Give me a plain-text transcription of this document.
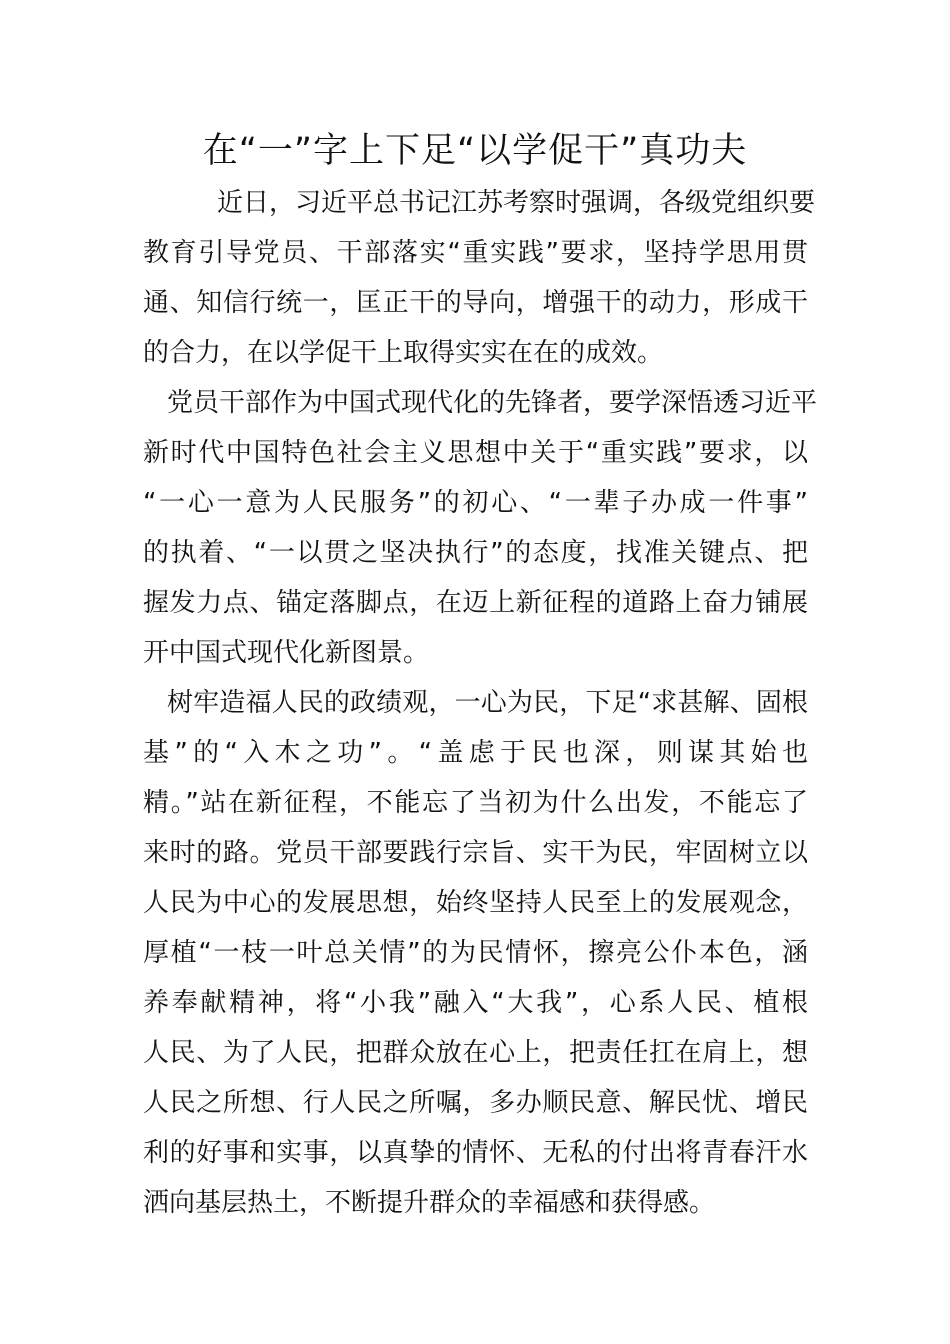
在“一”字上下足“以学促干”真功夫
近日，习近平总书记江苏考察时强调，各级党组织要
教育引导党员、干部落实“重实践”要求，坚持学思用贯
通、知信行统一，匡正干的导向，增强干的动力，形成干
的合力，在以学促干上取得实实在在的成效。
党员干部作为中国式现代化的先锋者，要学深悟透习近平
新时代中国特色社会主义思想中关于“重实践”要求，以
“一心一意为人民服务”的初心、“一辈子办成一件事”
的执着、“一以贯之坚决执行”的态度，找准关键点、把
握发力点、锚定落脚点，在迈上新征程的道路上奋力铺展
开中国式现代化新图景。
树牢造福人民的政绩观，一心为民，下足“求甚解、固根
基”的“入木之功”。“盖虑于民也深，则谋其始也
精。”站在新征程，不能忘了当初为什么出发，不能忘了
来时的路。党员干部要践行宗旨、实干为民，牢固树立以
人民为中心的发展思想，始终坚持人民至上的发展观念，
厚植“一枝一叶总关情”的为民情怀，擦亮公仆本色，涵
养奉献精神，将“小我”融入“大我”，心系人民、植根
人民、为了人民，把群众放在心上，把责任扛在肩上，想
人民之所想、行人民之所嘱，多办顺民意、解民忧、增民
利的好事和实事，以真挚的情怀、无私的付出将青春汗水
洒向基层热土，不断提升群众的幸福感和获得感。
